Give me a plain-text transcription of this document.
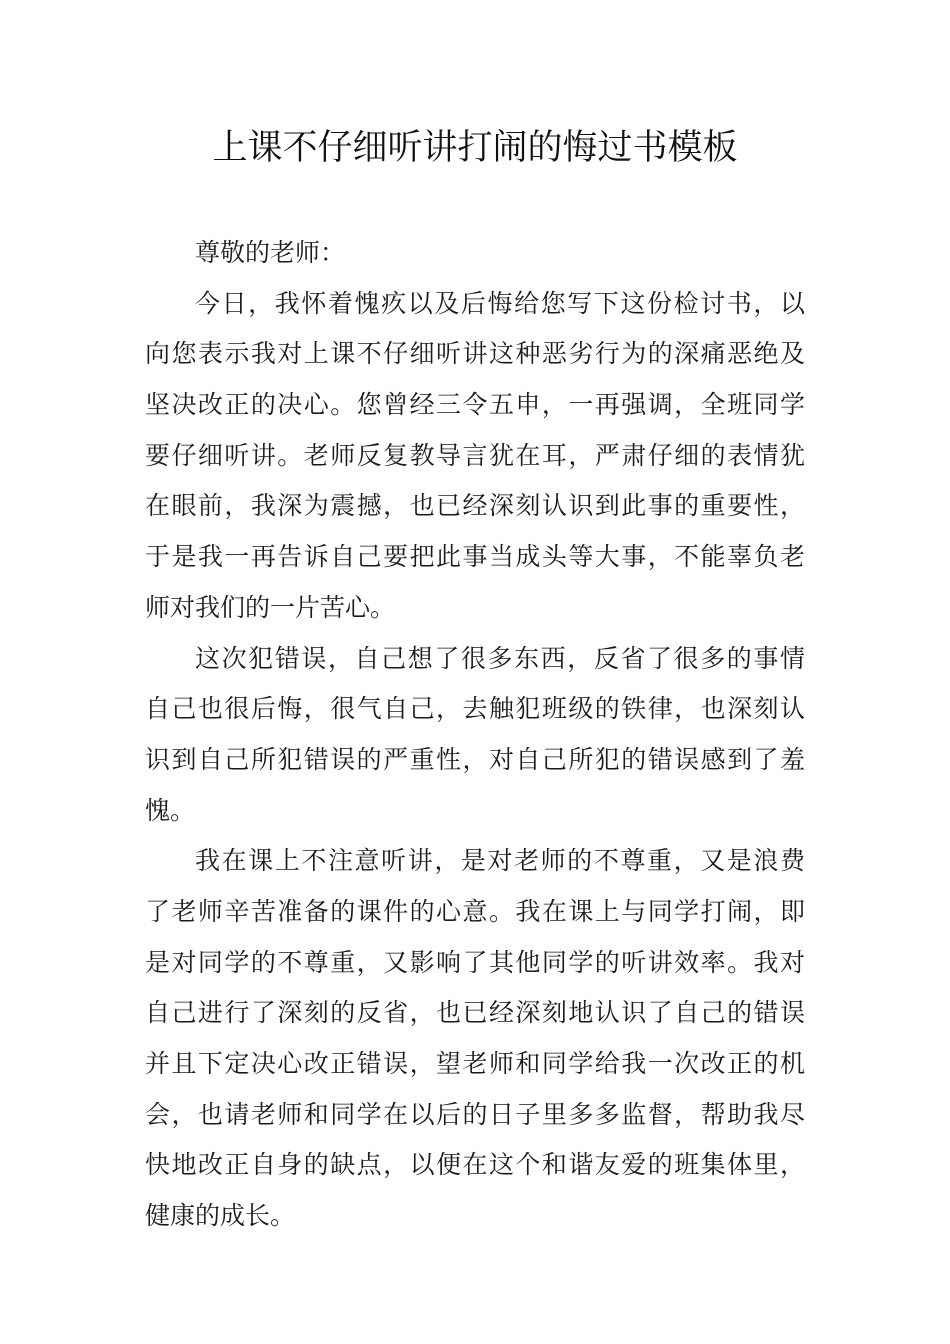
上课不仔细听讲打闹的悔过书模板
尊敬的老师：
今日，我怀着愧疚以及后悔给您写下这份检讨书，以
向您表示我对上课不仔细听讲这种恶劣行为的深痛恶绝及
坚决改正的决心。您曾经三令五申，一再强调，全班同学
要仔细听讲。老师反复教导言犹在耳，严肃仔细的表情犹
在眼前，我深为震撼，也已经深刻认识到此事的重要性，
于是我一再告诉自己要把此事当成头等大事，不能辜负老
师对我们的一片苦心。
这次犯错误，自己想了很多东西，反省了很多的事情
自己也很后悔，很气自己，去触犯班级的铁律，也深刻认
识到自己所犯错误的严重性，对自己所犯的错误感到了羞
愧。
我在课上不注意听讲，是对老师的不尊重，又是浪费
了老师辛苦准备的课件的心意。我在课上与同学打闹，即
是对同学的不尊重，又影响了其他同学的听讲效率。我对
自己进行了深刻的反省，也已经深刻地认识了自己的错误
并且下定决心改正错误，望老师和同学给我一次改正的机
会，也请老师和同学在以后的日子里多多监督，帮助我尽
快地改正自身的缺点，以便在这个和谐友爱的班集体里，
健康的成长。
